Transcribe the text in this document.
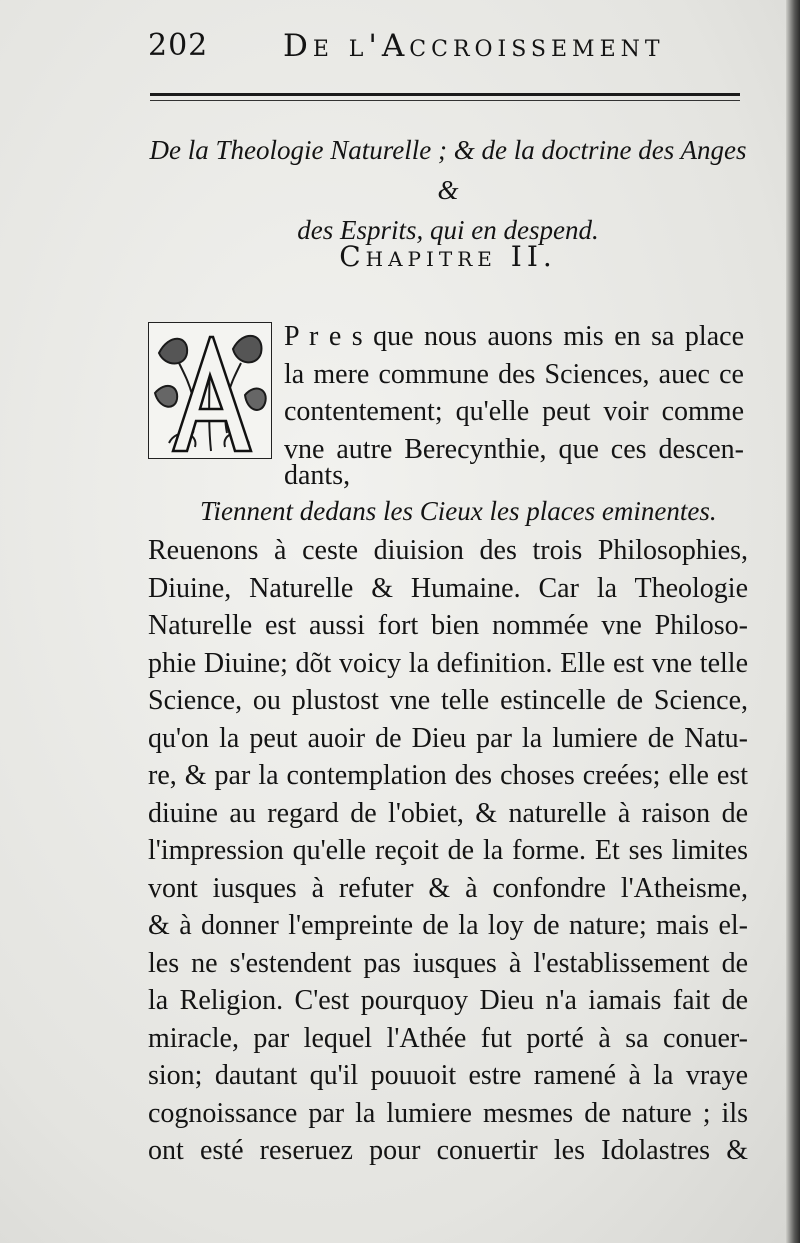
202 De l'Accroissement
De la Theologie Naturelle ; & de la doctrine des Anges &
des Esprits, qui en despend.
Chapitre II.
P r e s que nous auons mis en sa place
la mere commune des Sciences, auec ce
contentement; qu'elle peut voir comme
vne autre Berecynthie, que ces descen-
dants,
Tiennent dedans les Cieux les places eminentes.
Reuenons à ceste diuision des trois Philosophies,
Diuine, Naturelle & Humaine. Car la Theologie
Naturelle est aussi fort bien nommée vne Philoso-
phie Diuine; dõt voicy la definition. Elle est vne telle
Science, ou plustost vne telle estincelle de Science,
qu'on la peut auoir de Dieu par la lumiere de Natu-
re, & par la contemplation des choses creées; elle est
diuine au regard de l'obiet, & naturelle à raison de
l'impression qu'elle reçoit de la forme. Et ses limites
vont iusques à refuter & à confondre l'Atheisme,
& à donner l'empreinte de la loy de nature; mais el-
les ne s'estendent pas iusques à l'establissement de
la Religion. C'est pourquoy Dieu n'a iamais fait de
miracle, par lequel l'Athée fut porté à sa conuer-
sion; dautant qu'il pouuoit estre ramené à la vraye
cognoissance par la lumiere mesmes de nature ; ils
ont esté reseruez pour conuertir les Idolastres &
